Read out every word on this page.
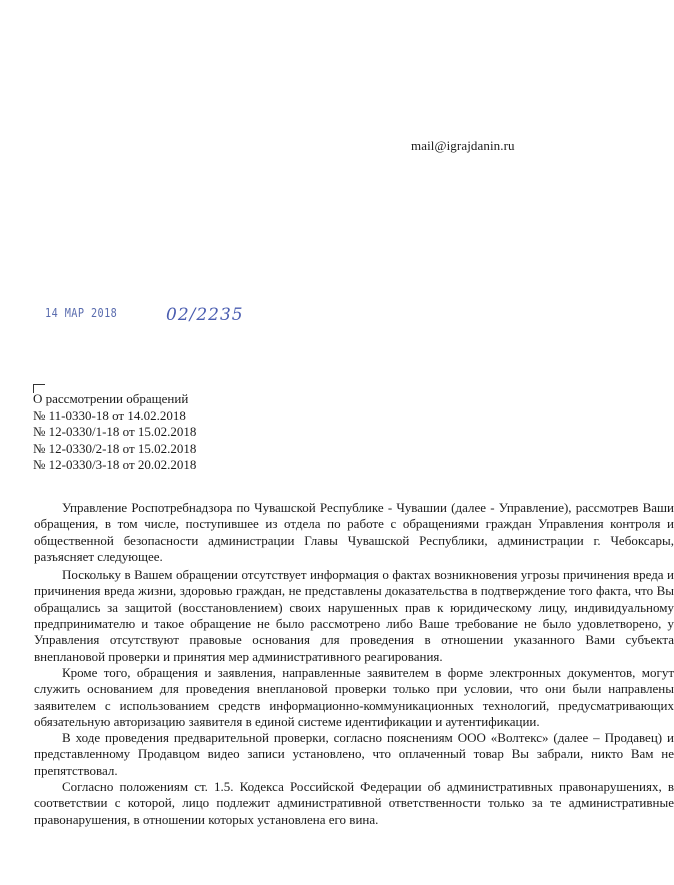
mail@igrajdanin.ru
14 МАР 2018	02/2235
О рассмотрении обращений
№ 11-0330-18 от 14.02.2018
№ 12-0330/1-18 от 15.02.2018
№ 12-0330/2-18 от 15.02.2018
№ 12-0330/3-18 от 20.02.2018

Управление Роспотребнадзора по Чувашской Республике - Чувашии (далее - Управление), рассмотрев Ваши обращения, в том числе, поступившее из отдела по работе с обращениями граждан Управления контроля и общественной безопасности администрации Главы Чувашской Республики, администрации г. Чебоксары, разъясняет следующее.

Поскольку в Вашем обращении отсутствует информация о фактах возникновения угрозы причинения вреда и причинения вреда жизни, здоровью граждан, не представлены доказательства в подтверждение того факта, что Вы обращались за защитой (восстановлением) своих нарушенных прав к юридическому лицу, индивидуальному предпринимателю и такое обращение не было рассмотрено либо Ваше требование не было удовлетворено, у Управления отсутствуют правовые основания для проведения в отношении указанного Вами субъекта внеплановой проверки и принятия мер административного реагирования.

Кроме того, обращения и заявления, направленные заявителем в форме электронных документов, могут служить основанием для проведения внеплановой проверки только при условии, что они были направлены заявителем с использованием средств информационно-коммуникационных технологий, предусматривающих обязательную авторизацию заявителя в единой системе идентификации и аутентификации.

В ходе проведения предварительной проверки, согласно пояснениям ООО «Волтекс» (далее – Продавец) и представленному Продавцом видео записи установлено, что оплаченный товар Вы забрали, никто Вам не препятствовал.

Согласно положениям ст. 1.5. Кодекса Российской Федерации об административных правонарушениях, в соответствии с которой, лицо подлежит административной ответственности только за те административные правонарушения, в отношении которых установлена его вина.
